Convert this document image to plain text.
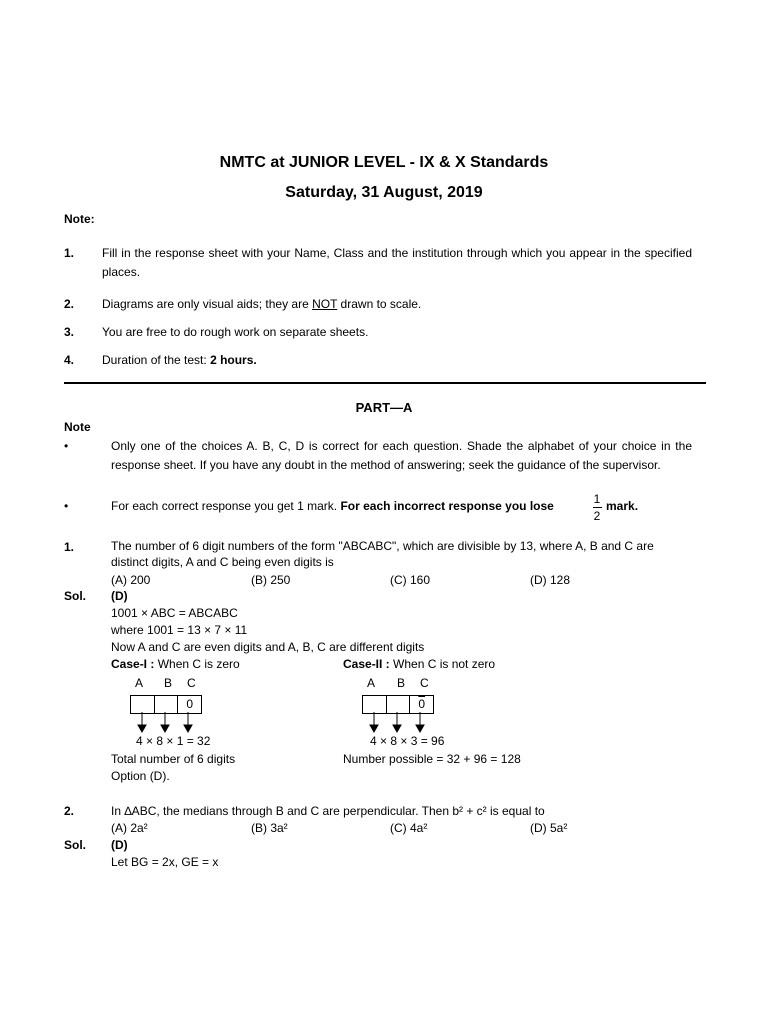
NMTC at JUNIOR LEVEL - IX & X Standards
Saturday, 31 August, 2019
Note:
1. Fill in the response sheet with your Name, Class and the institution through which you appear in the specified places.
2. Diagrams are only visual aids; they are NOT drawn to scale.
3. You are free to do rough work on separate sheets.
4. Duration of the test: 2 hours.
PART—A
Note
•	Only one of the choices A. B, C, D is correct for each question. Shade the alphabet of your choice in the response sheet. If you have any doubt in the method of answering; seek the guidance of the supervisor.
•	For each correct response you get 1 mark. For each incorrect response you lose	1
2
mark.
1.	The number of 6 digit numbers of the form "ABCABC", which are divisible by 13, where A, B and C are distinct digits, A and C being even digits is
(A) 200	(B) 250	(C) 160	(D) 128
Sol. (D)
1001 × ABC = ABCABC
where 1001 = 13 × 7 × 11
Now A and C are even digits and A, B, C are different digits
Case-I : When C is zero
A B C
0
4 × 8 × 1 = 32
Total number of 6 digits
Case-II : When C is not zero
A B C
0
4 × 8 × 3 = 96
Number possible = 32 + 96 = 128
Option (D).
2.	In ∆ABC, the medians through B and C are perpendicular. Then b² + c² is equal to
(A) 2a²	(B) 3a²	(C) 4a²	(D) 5a²
Sol. (D)
Let BG = 2x, GE = x
